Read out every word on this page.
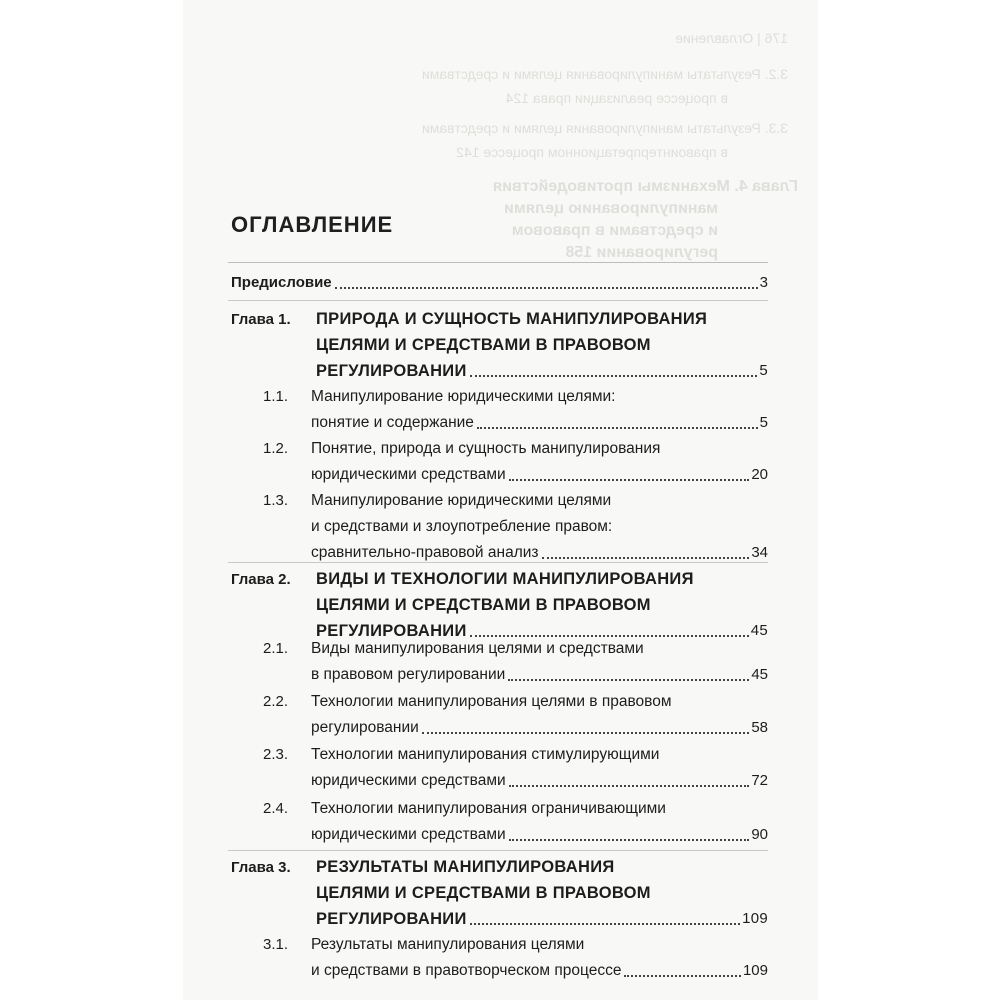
176 | Оглавление
3.2. Результаты манипулирования целями и средствами
в процессе реализации права 124
3.3. Результаты манипулирования целями и средствами
в правоинтерпретационном процессе 142
Глава 4. Механизмы противодействия
манипулированию целями
и средствами в правовом
регулировании 158
ОГЛАВЛЕНИЕ
Предисловие	3
Глава 1. ПРИРОДА И СУЩНОСТЬ МАНИПУЛИРОВАНИЯ
ЦЕЛЯМИ И СРЕДСТВАМИ В ПРАВОВОМ
РЕГУЛИРОВАНИИ	5
1.1. Манипулирование юридическими целями:
понятие и содержание	5
1.2. Понятие, природа и сущность манипулирования
юридическими средствами	20
1.3. Манипулирование юридическими целями
и средствами и злоупотребление правом:
сравнительно-правовой анализ	34
Глава 2. ВИДЫ И ТЕХНОЛОГИИ МАНИПУЛИРОВАНИЯ
ЦЕЛЯМИ И СРЕДСТВАМИ В ПРАВОВОМ
РЕГУЛИРОВАНИИ	45
2.1. Виды манипулирования целями и средствами
в правовом регулировании	45
2.2. Технологии манипулирования целями в правовом
регулировании	58
2.3. Технологии манипулирования стимулирующими
юридическими средствами	72
2.4. Технологии манипулирования ограничивающими
юридическими средствами	90
Глава 3. РЕЗУЛЬТАТЫ МАНИПУЛИРОВАНИЯ
ЦЕЛЯМИ И СРЕДСТВАМИ В ПРАВОВОМ
РЕГУЛИРОВАНИИ	109
3.1. Результаты манипулирования целями
и средствами в правотворческом процессе	109
